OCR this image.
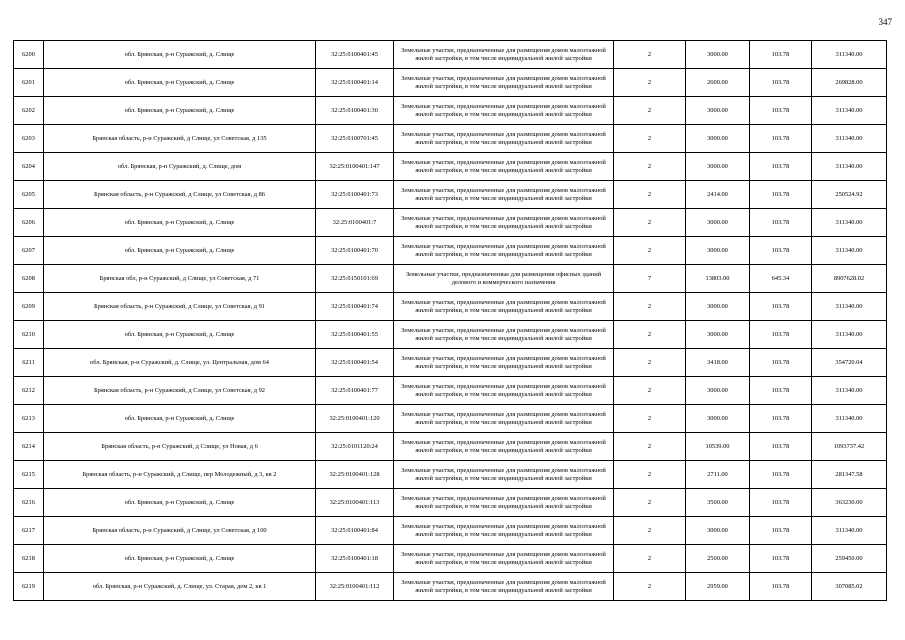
347
6200	обл. Брянская, р-н Суражский, д. Слище	32:25:0100401:45	Земельные участки, предназначенные для размещения домов малоэтажной жилой застройки, в том числе индивидуальной жилой застройки	2	3000.00	103.78	311340.00
6201	обл. Брянская, р-н Суражский, д. Слище	32:25:0100401:14	Земельные участки, предназначенные для размещения домов малоэтажной жилой застройки, в том числе индивидуальной жилой застройки	2	2600.00	103.78	269828.00
6202	обл. Брянская, р-н Суражский, д. Слище	32:25:0100401:30	Земельные участки, предназначенные для размещения домов малоэтажной жилой застройки, в том числе индивидуальной жилой застройки	2	3000.00	103.78	311340.00
6203	Брянская область, р-н Суражский, д Слище, ул Советская, д 135	32:25:0100701:45	Земельные участки, предназначенные для размещения домов малоэтажной жилой застройки, в том числе индивидуальной жилой застройки	2	3000.00	103.78	311340.00
6204	обл. Брянская, р-н Суражский, д. Слище, дом	32:25:0100401:147	Земельные участки, предназначенные для размещения домов малоэтажной жилой застройки, в том числе индивидуальной жилой застройки	2	3000.00	103.78	311340.00
6205	Брянская область, р-н Суражский, д Слище, ул Советская, д 86	32:25:0100401:73	Земельные участки, предназначенные для размещения домов малоэтажной жилой застройки, в том числе индивидуальной жилой застройки	2	2414.00	103.78	250524.92
6206	обл. Брянская, р-н Суражский, д. Слище	32:25:0100401:7	Земельные участки, предназначенные для размещения домов малоэтажной жилой застройки, в том числе индивидуальной жилой застройки	2	3000.00	103.78	311340.00
6207	обл. Брянская, р-н Суражский, д. Слище	32:25:0100401:70	Земельные участки, предназначенные для размещения домов малоэтажной жилой застройки, в том числе индивидуальной жилой застройки	2	3000.00	103.78	311340.00
6208	Брянская обл, р-н Суражский, д Слище, ул Советская, д 71	32:25:0150101:69	Земельные участки, предназначенные для размещения офисных зданий делового и коммерческого назначения	7	13803.00	645.34	8907628.02
6209	Брянская область, р-н Суражский, д Слище, ул Советская, д 91	32:25:0100401:74	Земельные участки, предназначенные для размещения домов малоэтажной жилой застройки, в том числе индивидуальной жилой застройки	2	3000.00	103.78	311340.00
6210	обл. Брянская, р-н Суражский, д. Слище	32:25:0100401:55	Земельные участки, предназначенные для размещения домов малоэтажной жилой застройки, в том числе индивидуальной жилой застройки	2	3000.00	103.78	311340.00
6211	обл. Брянская, р-н Суражский, д. Слище, ул. Центральная, дом 64	32:25:0100401:54	Земельные участки, предназначенные для размещения домов малоэтажной жилой застройки, в том числе индивидуальной жилой застройки	2	3418.00	103.78	354720.04
6212	Брянская область, р-н Суражский, д Слище, ул Советская, д 92	32:25:0100401:77	Земельные участки, предназначенные для размещения домов малоэтажной жилой застройки, в том числе индивидуальной жилой застройки	2	3000.00	103.78	311340.00
6213	обл. Брянская, р-н Суражский, д. Слище	32:25:0100401:120	Земельные участки, предназначенные для размещения домов малоэтажной жилой застройки, в том числе индивидуальной жилой застройки	2	3000.00	103.78	311340.00
6214	Брянская область, р-н Суражский, д Слище, ул Новая, д 6	32:25:0101120:24	Земельные участки, предназначенные для размещения домов малоэтажной жилой застройки, в том числе индивидуальной жилой застройки	2	10539.00	103.78	1093737.42
6215	Брянская область, р-н Суражский, д Слище, пер Молодежный, д 3, кв 2	32:25:0100401:128	Земельные участки, предназначенные для размещения домов малоэтажной жилой застройки, в том числе индивидуальной жилой застройки	2	2711.00	103.78	281347.58
6216	обл. Брянская, р-н Суражский, д. Слище	32:25:0100401:113	Земельные участки, предназначенные для размещения домов малоэтажной жилой застройки, в том числе индивидуальной жилой застройки	2	3500.00	103.78	363230.00
6217	Брянская область, р-н Суражский, д Слище, ул Советская, д 100	32:25:0100401:84	Земельные участки, предназначенные для размещения домов малоэтажной жилой застройки, в том числе индивидуальной жилой застройки	2	3000.00	103.78	311340.00
6218	обл. Брянская, р-н Суражский, д. Слище	32:25:0100401:18	Земельные участки, предназначенные для размещения домов малоэтажной жилой застройки, в том числе индивидуальной жилой застройки	2	2500.00	103.78	259450.00
6219	обл. Брянская, р-н Суражский, д. Слище, ул. Старая, дом 2, кв 1	32:25:0100401:112	Земельные участки, предназначенные для размещения домов малоэтажной жилой застройки, в том числе индивидуальной жилой застройки	2	2959.00	103.78	307085.02
